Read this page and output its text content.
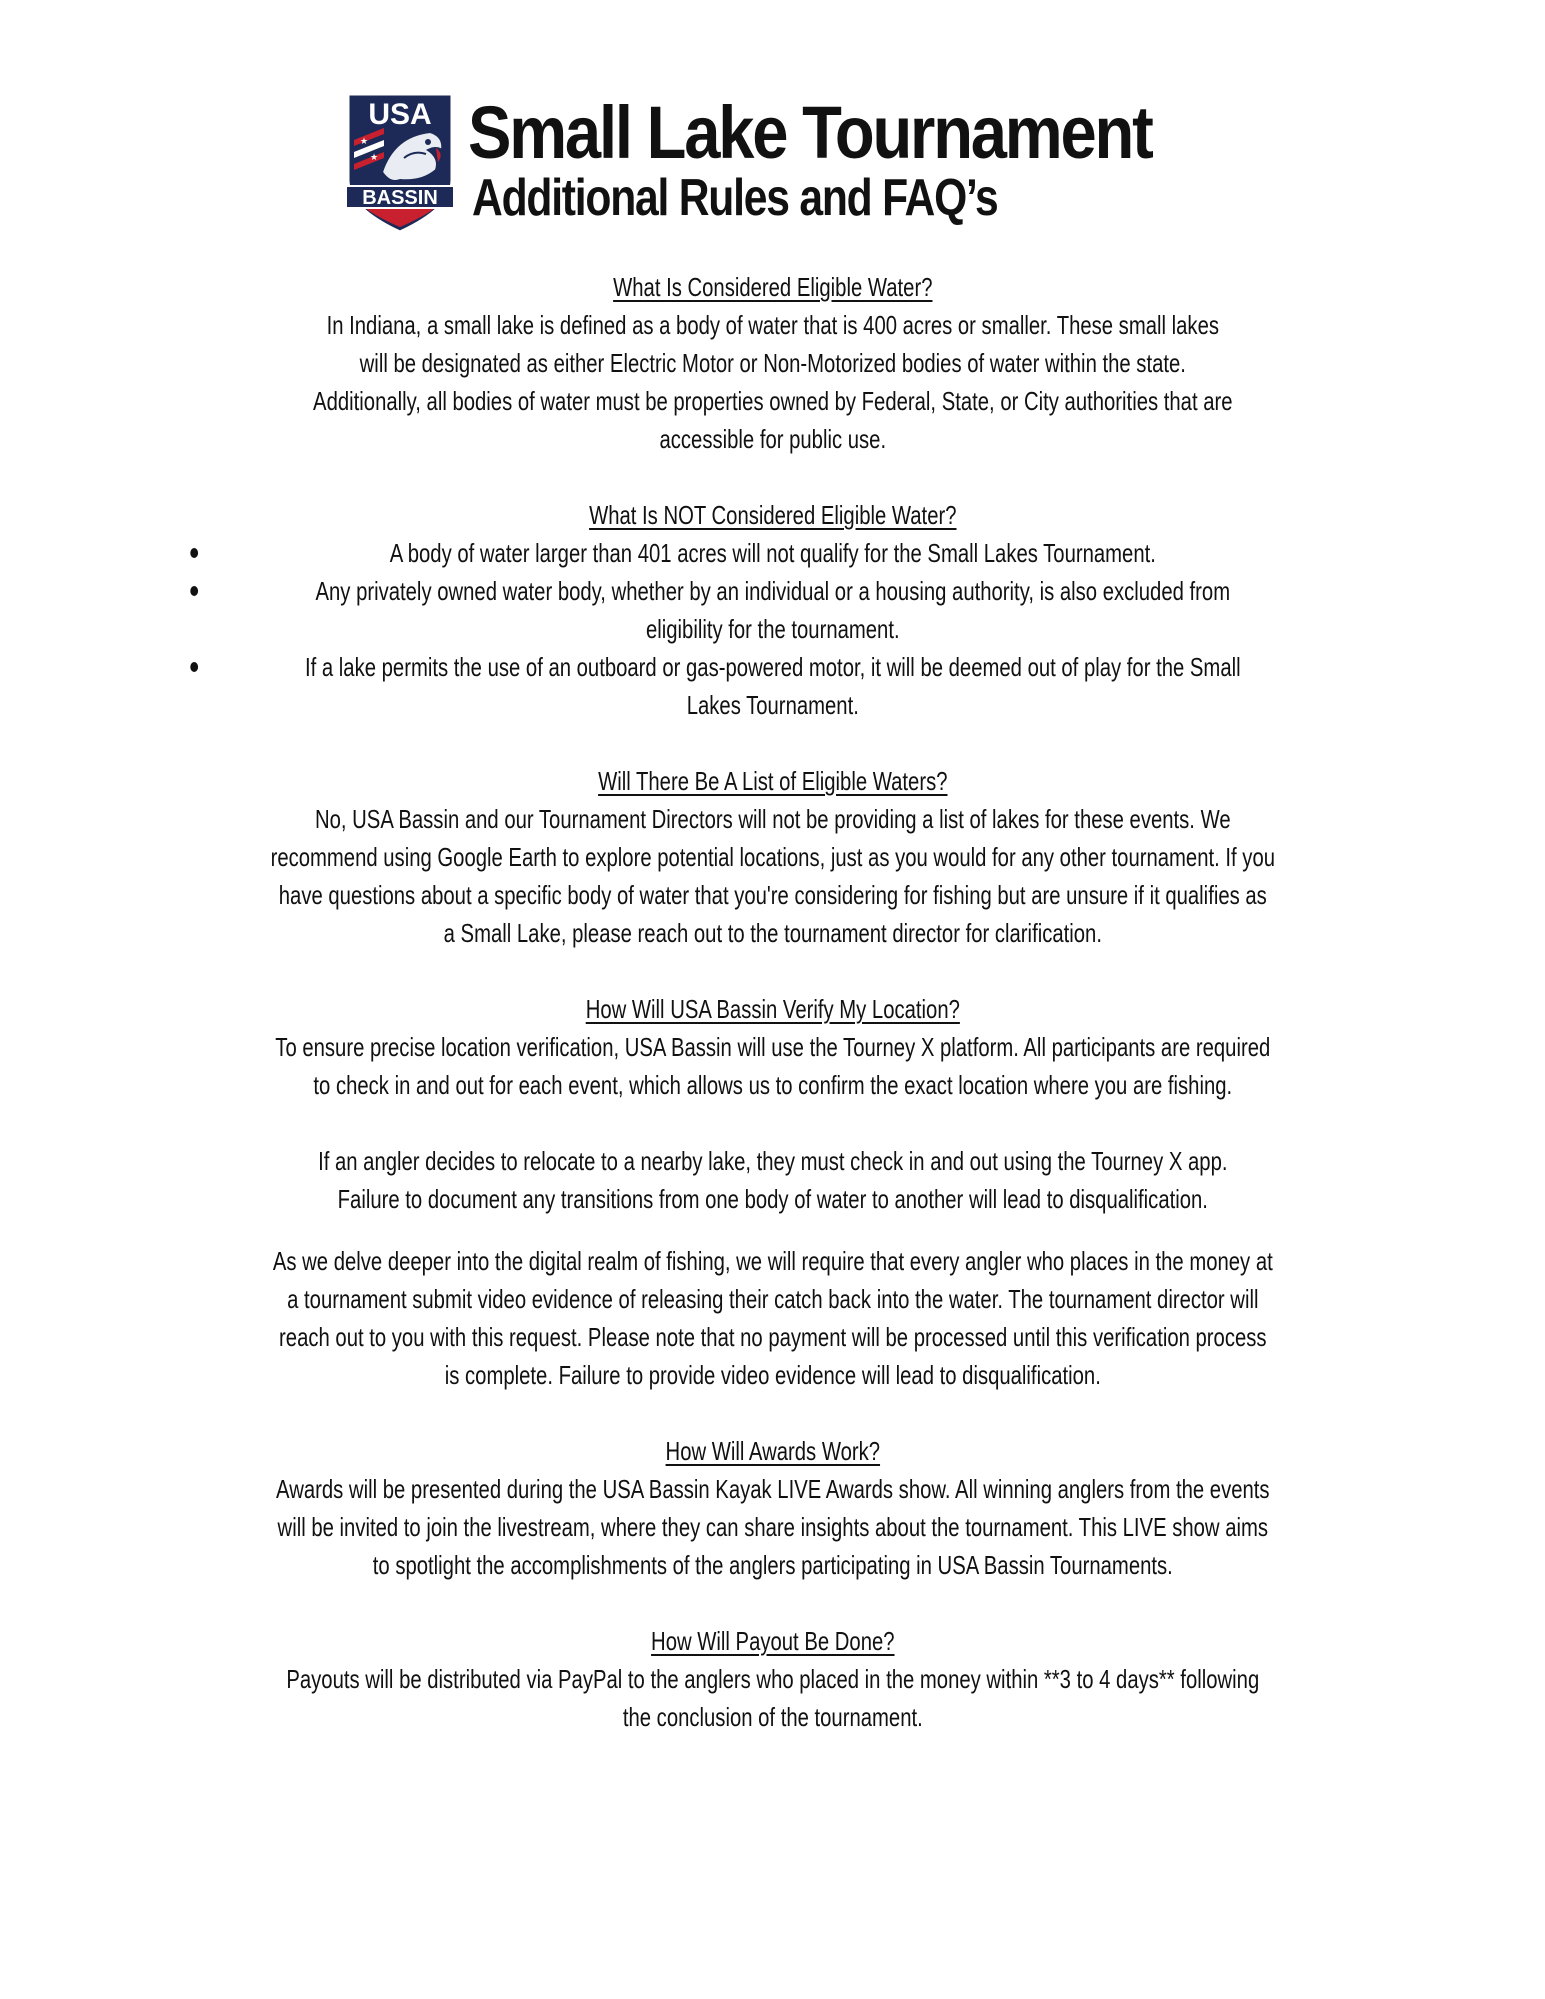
★
★
USA
BASSIN
Small Lake Tournament
Additional Rules and FAQ’s
What Is Considered Eligible Water?
In Indiana, a small lake is defined as a body of water that is 400 acres or smaller. These small lakes
will be designated as either Electric Motor or Non-Motorized bodies of water within the state.
Additionally, all bodies of water must be properties owned by Federal, State, or City authorities that are
accessible for public use.
What Is NOT Considered Eligible Water?
A body of water larger than 401 acres will not qualify for the Small Lakes Tournament.
Any privately owned water body, whether by an individual or a housing authority, is also excluded from
eligibility for the tournament.
If a lake permits the use of an outboard or gas-powered motor, it will be deemed out of play for the Small
Lakes Tournament.
Will There Be A List of Eligible Waters?
No, USA Bassin and our Tournament Directors will not be providing a list of lakes for these events. We
recommend using Google Earth to explore potential locations, just as you would for any other tournament. If you
have questions about a specific body of water that you're considering for fishing but are unsure if it qualifies as
a Small Lake, please reach out to the tournament director for clarification.
How Will USA Bassin Verify My Location?
To ensure precise location verification, USA Bassin will use the Tourney X platform. All participants are required
to check in and out for each event, which allows us to confirm the exact location where you are fishing.
If an angler decides to relocate to a nearby lake, they must check in and out using the Tourney X app.
Failure to document any transitions from one body of water to another will lead to disqualification.
As we delve deeper into the digital realm of fishing, we will require that every angler who places in the money at
a tournament submit video evidence of releasing their catch back into the water. The tournament director will
reach out to you with this request. Please note that no payment will be processed until this verification process
is complete. Failure to provide video evidence will lead to disqualification.
How Will Awards Work?
Awards will be presented during the USA Bassin Kayak LIVE Awards show. All winning anglers from the events
will be invited to join the livestream, where they can share insights about the tournament. This LIVE show aims
to spotlight the accomplishments of the anglers participating in USA Bassin Tournaments.
How Will Payout Be Done?
Payouts will be distributed via PayPal to the anglers who placed in the money within **3 to 4 days** following
the conclusion of the tournament.
